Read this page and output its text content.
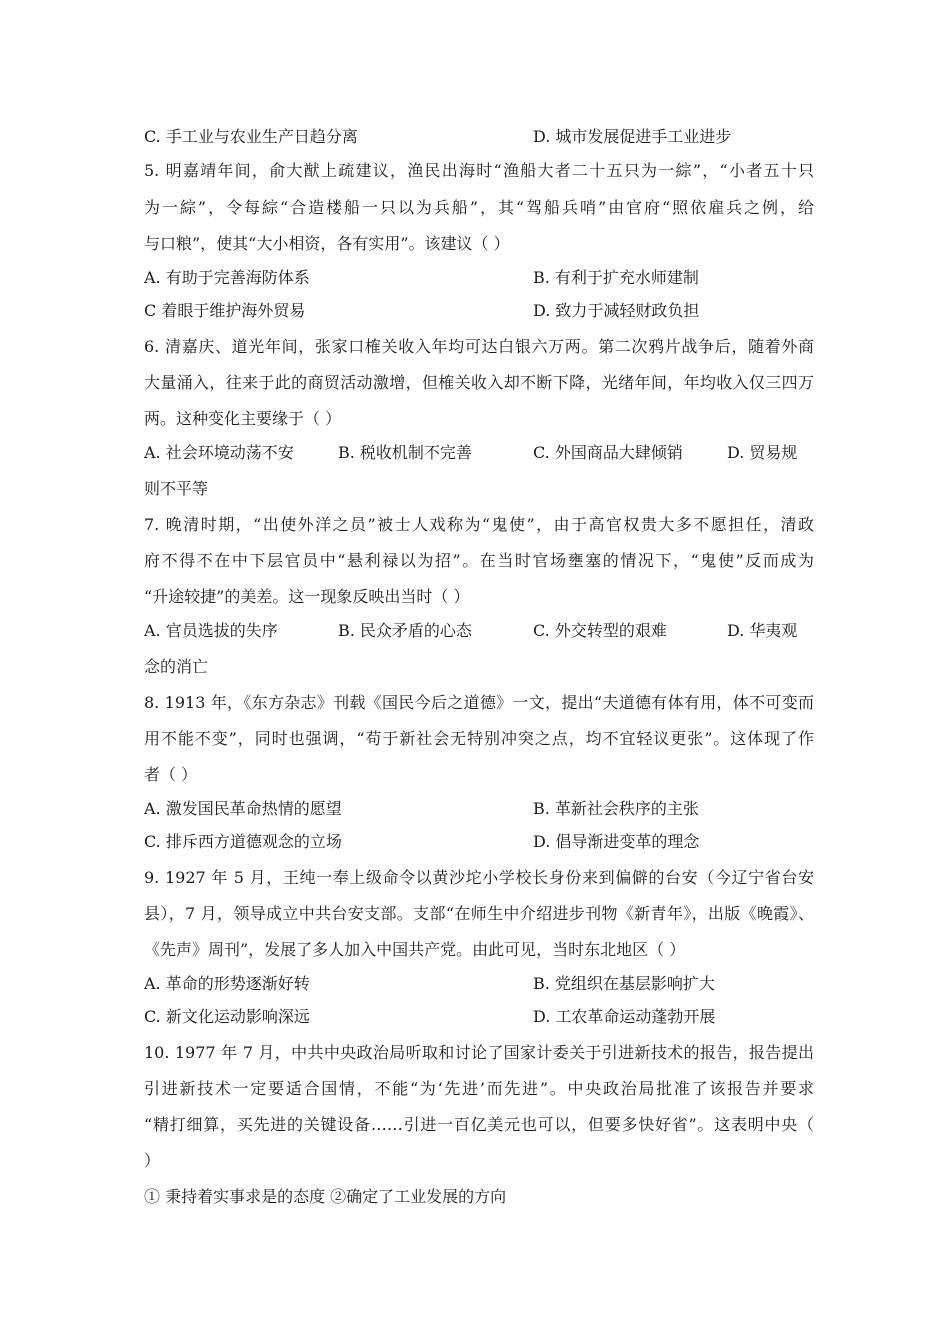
C. 手工业与农业生产日趋分离	D. 城市发展促进手工业进步
5. 明嘉靖年间，俞大猷上疏建议，渔民出海时“渔船大者二十五只为一綜”，“小者五十只
为一綜”，令每綜“合造楼船一只以为兵船”，其“驾船兵哨”由官府“照依雇兵之例，给
与口粮”，使其“大小相资，各有实用”。该建议（ ）
A. 有助于完善海防体系	B. 有利于扩充水师建制
C 着眼于维护海外贸易	D. 致力于减轻财政负担
6. 清嘉庆、道光年间，张家口榷关收入年均可达白银六万两。第二次鸦片战争后，随着外商
大量涌入，往来于此的商贸活动激增，但榷关收入却不断下降，光绪年间，年均收入仅三四万
两。这种变化主要缘于（ ）
A. 社会环境动荡不安	B. 税收机制不完善	C. 外国商品大肆倾销	D. 贸易规
则不平等
7. 晚清时期，“出使外洋之员”被士人戏称为“鬼使”，由于高官权贵大多不愿担任，清政
府不得不在中下层官员中“悬利禄以为招”。在当时官场壅塞的情况下，“鬼使”反而成为
“升途较捷”的美差。这一现象反映出当时（ ）
A. 官员选拔的失序	B. 民众矛盾的心态	C. 外交转型的艰难	D. 华夷观
念的消亡
8. 1913 年，《东方杂志》刊载《国民今后之道德》一文，提出“夫道德有体有用，体不可变而
用不能不变”，同时也强调，“苟于新社会无特别冲突之点，均不宜轻议更张”。这体现了作
者（ ）
A. 激发国民革命热情的愿望	B. 革新社会秩序的主张
C. 排斥西方道德观念的立场	D. 倡导渐进变革的理念
9. 1927 年 5 月，王纯一奉上级命令以黄沙坨小学校长身份来到偏僻的台安（今辽宁省台安
县），7 月，领导成立中共台安支部。支部“在师生中介绍进步刊物《新青年》，出版《晚霞》、
《先声》周刊”，发展了多人加入中国共产党。由此可见，当时东北地区（ ）
A. 革命的形势逐渐好转	B. 党组织在基层影响扩大
C. 新文化运动影响深远	D. 工农革命运动蓬勃开展
10. 1977 年 7 月，中共中央政治局听取和讨论了国家计委关于引进新技术的报告，报告提出
引进新技术一定要适合国情，不能“为‘先进’而先进”。中央政治局批准了该报告并要求
“精打细算，买先进的关键设备……引进一百亿美元也可以，但要多快好省”。这表明中央（
）
① 秉持着实事求是的态度 ②确定了工业发展的方向
